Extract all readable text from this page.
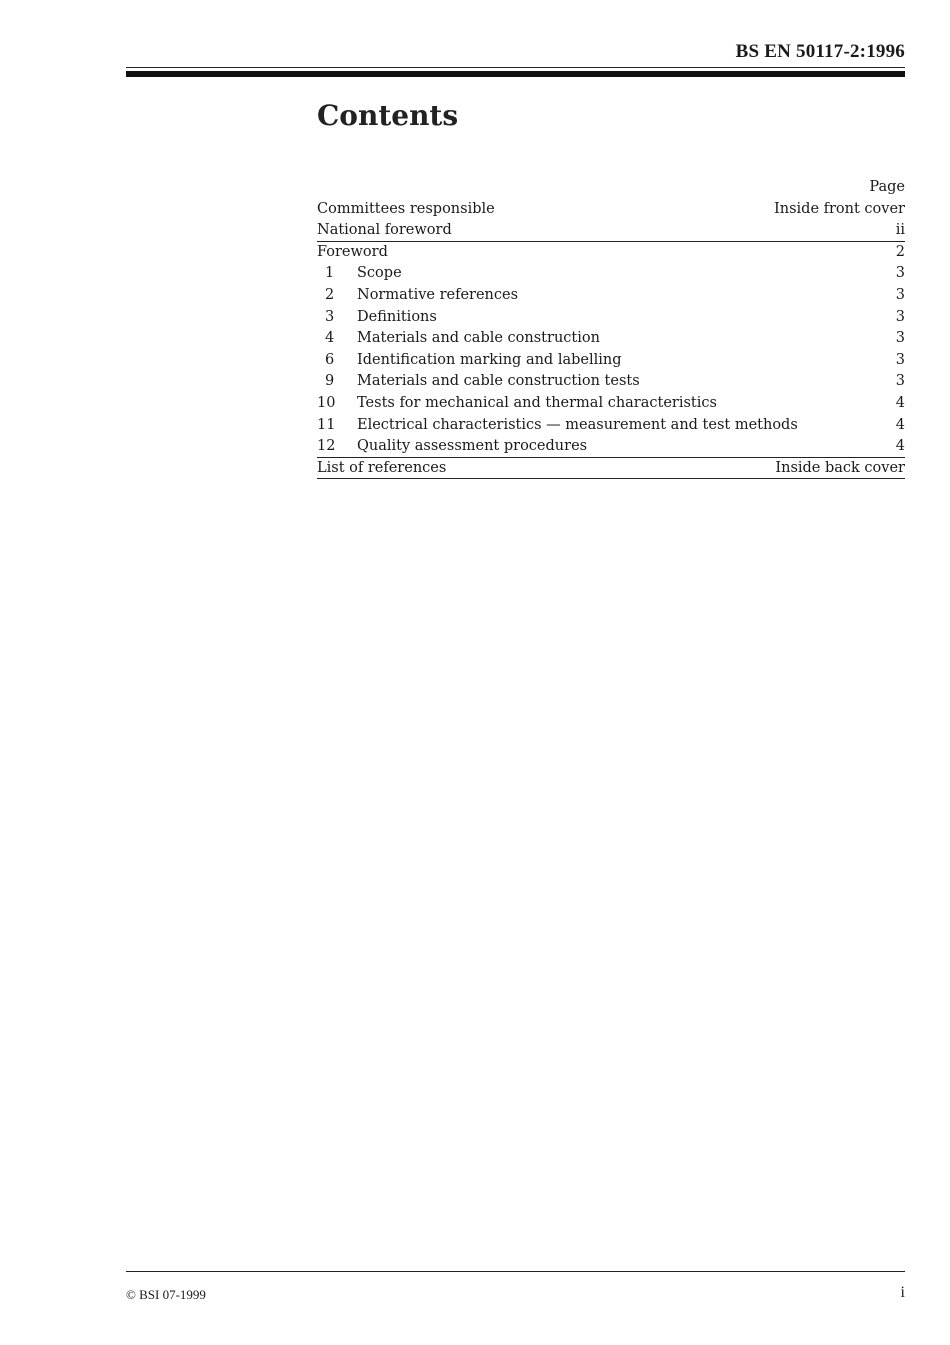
BS EN 50117-2:1996
Contents
Page
Committees responsible	Inside front cover
National foreword	ii
Foreword	2
1	Scope	3
2	Normative references	3
3	Definitions	3
4	Materials and cable construction	3
6	Identification marking and labelling	3
9	Materials and cable construction tests	3
10	Tests for mechanical and thermal characteristics	4
11	Electrical characteristics — measurement and test methods	4
12	Quality assessment procedures	4
List of references	Inside back cover
© BSI 07-1999	i
